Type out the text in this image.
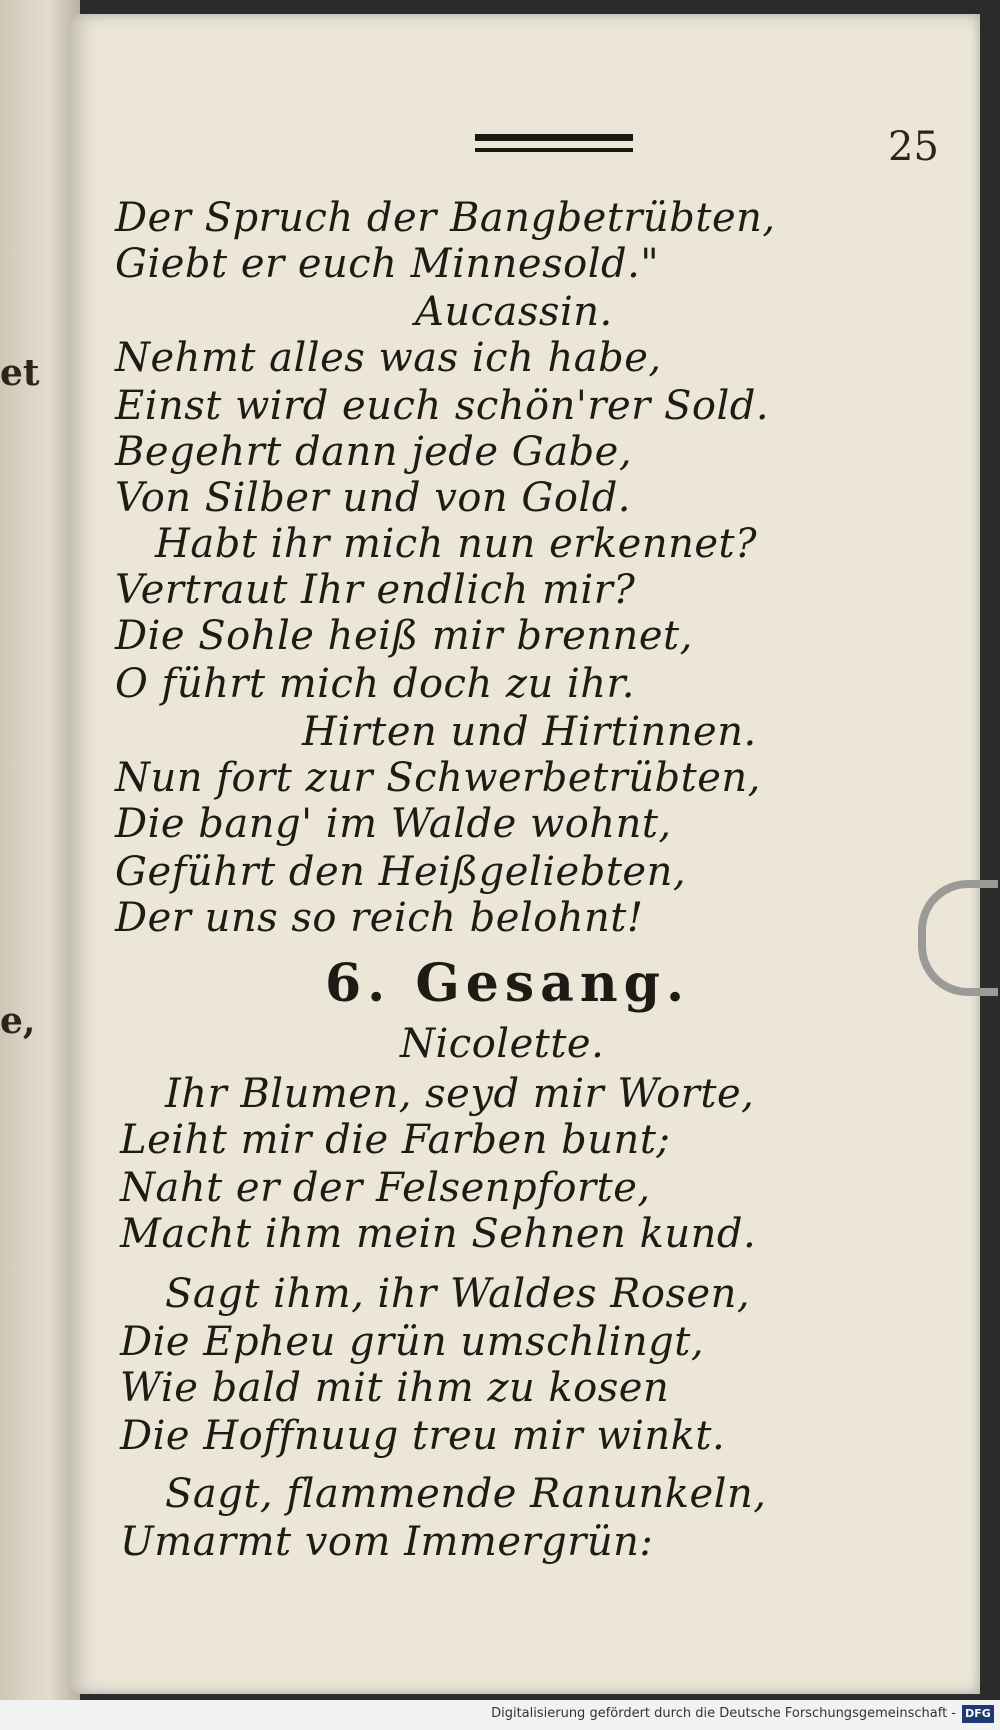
et
e,
25
Der Spruch der Bangbetrübten,
Giebt er euch Minnesold."
Aucassin.
Nehmt alles was ich habe,
Einst wird euch schön'rer Sold.
Begehrt dann jede Gabe,
Von Silber und von Gold.
Habt ihr mich nun erkennet?
Vertraut Ihr endlich mir?
Die Sohle heiß mir brennet,
O führt mich doch zu ihr.
Hirten und Hirtinnen.
Nun fort zur Schwerbetrübten,
Die bang' im Walde wohnt,
Geführt den Heißgeliebten,
Der uns so reich belohnt!
6. Gesang.
Nicolette.
Ihr Blumen, seyd mir Worte,
Leiht mir die Farben bunt;
Naht er der Felsenpforte,
Macht ihm mein Sehnen kund.
Sagt ihm, ihr Waldes Rosen,
Die Epheu grün umschlingt,
Wie bald mit ihm zu kosen
Die Hoffnuug treu mir winkt.
Sagt, flammende Ranunkeln,
Umarmt vom Immergrün:
Digitalisierung gefördert durch die Deutsche Forschungsgemeinschaft - DFG
